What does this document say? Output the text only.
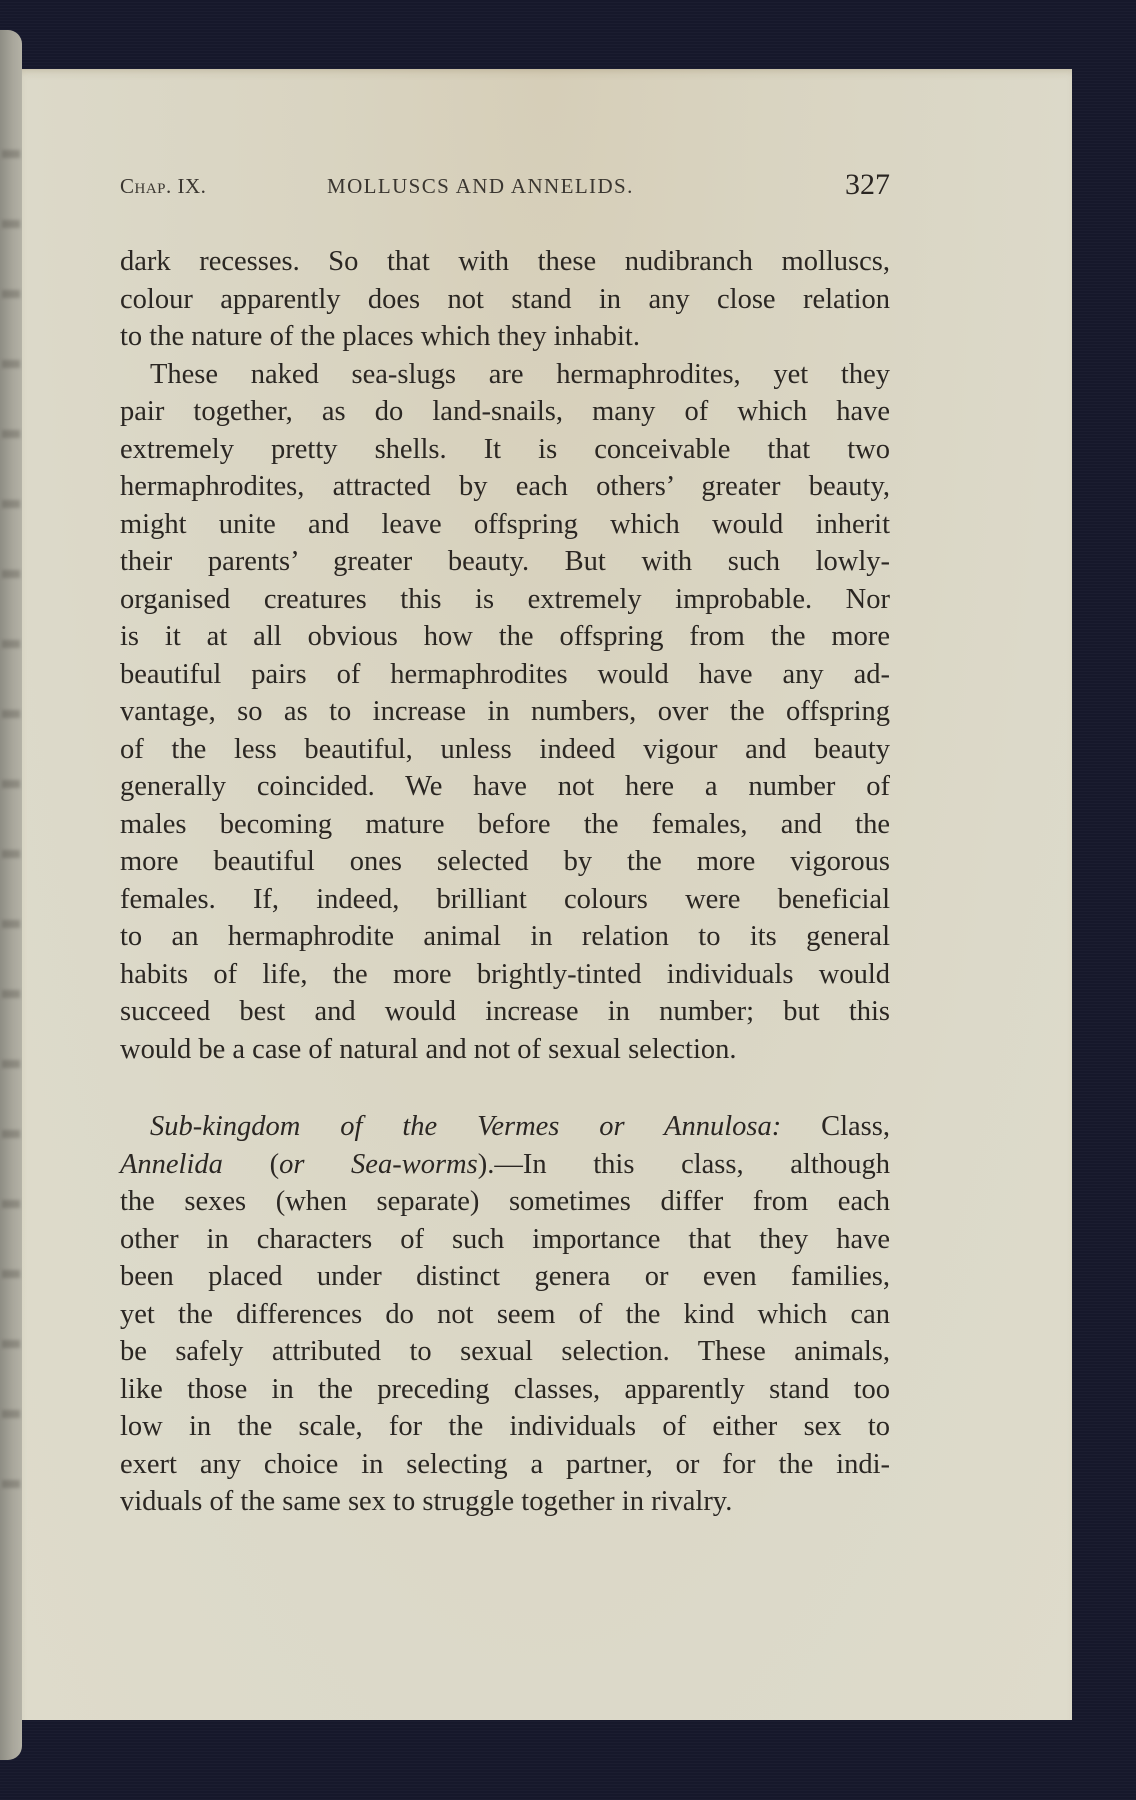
Chap. IX.	MOLLUSCS AND ANNELIDS.	327
dark recesses. So that with these nudibranch molluscs,
colour apparently does not stand in any close relation
to the nature of the places which they inhabit.
These naked sea-slugs are hermaphrodites, yet they
pair together, as do land-snails, many of which have
extremely pretty shells. It is conceivable that two
hermaphrodites, attracted by each others’ greater beauty,
might unite and leave offspring which would inherit
their parents’ greater beauty. But with such lowly-
organised creatures this is extremely improbable. Nor
is it at all obvious how the offspring from the more
beautiful pairs of hermaphrodites would have any ad-
vantage, so as to increase in numbers, over the offspring
of the less beautiful, unless indeed vigour and beauty
generally coincided. We have not here a number of
males becoming mature before the females, and the
more beautiful ones selected by the more vigorous
females. If, indeed, brilliant colours were beneficial
to an hermaphrodite animal in relation to its general
habits of life, the more brightly-tinted individuals would
succeed best and would increase in number; but this
would be a case of natural and not of sexual selection.
Sub-kingdom of the Vermes or Annulosa: Class,
Annelida (or Sea-worms).—In this class, although
the sexes (when separate) sometimes differ from each
other in characters of such importance that they have
been placed under distinct genera or even families,
yet the differences do not seem of the kind which can
be safely attributed to sexual selection. These animals,
like those in the preceding classes, apparently stand too
low in the scale, for the individuals of either sex to
exert any choice in selecting a partner, or for the indi-
viduals of the same sex to struggle together in rivalry.
